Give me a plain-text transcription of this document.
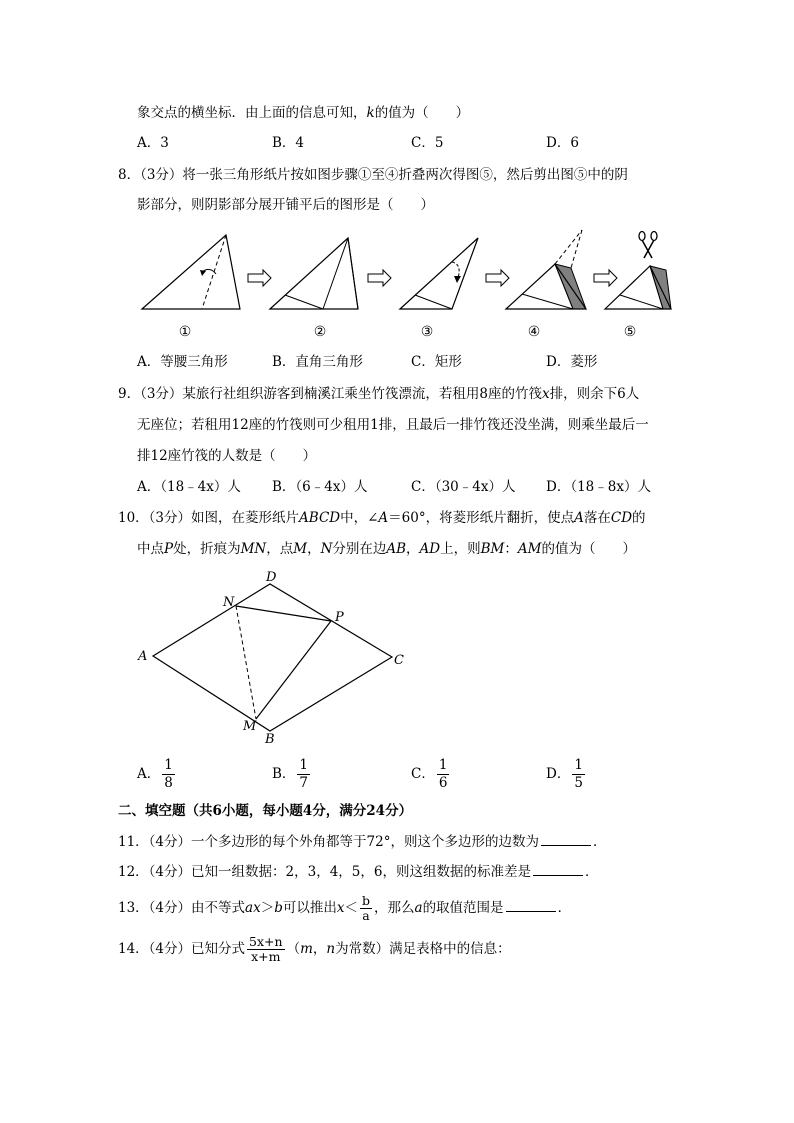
象交点的横坐标．由上面的信息可知，k的值为（　　）
A．3	B．4	C．5	D．6
8．（3分）将一张三角形纸片按如图步骤①至④折叠两次得图⑤，然后剪出图⑤中的阴
影部分，则阴影部分展开铺平后的图形是（　　）
①	②	③	④	⑤
A．等腰三角形	B．直角三角形	C．矩形	D．菱形
9．（3分）某旅行社组织游客到楠溪江乘坐竹筏漂流，若租用8座的竹筏x排，则余下6人
无座位；若租用12座的竹筏则可少租用1排，且最后一排竹筏还没坐满，则乘坐最后一
排12座竹筏的人数是（　　）
A．（18﹣4x）人 B．（6﹣4x）人	C．（30﹣4x）人 D．（18﹣8x）人
10．（3分）如图，在菱形纸片ABCD中，∠A＝60°，将菱形纸片翻折，使点A落在CD的
中点P处，折痕为MN，点M，N分别在边AB，AD上，则BM：AM的值为（　　）
D
N
P
A	C
M
B
A． $\frac{1}{8}$	B． $\frac{1}{7}$	C． $\frac{1}{6}$	D． $\frac{1}{5}$
二、填空题（共6小题，每小题4分，满分24分）
11．（4分）一个多边形的每个外角都等于72°，则这个多边形的边数为	．
12．（4分）已知一组数据：2，3，4，5，6，则这组数据的标准差是	．
13．（4分）由不等式ax＞b可以推出$x< \frac{b}{a}$ ，那么a的取值范围是	．
14．（4分）已知分式 $\frac{5x+n}{x+m} (m$，n为常数）满足表格中的信息：
